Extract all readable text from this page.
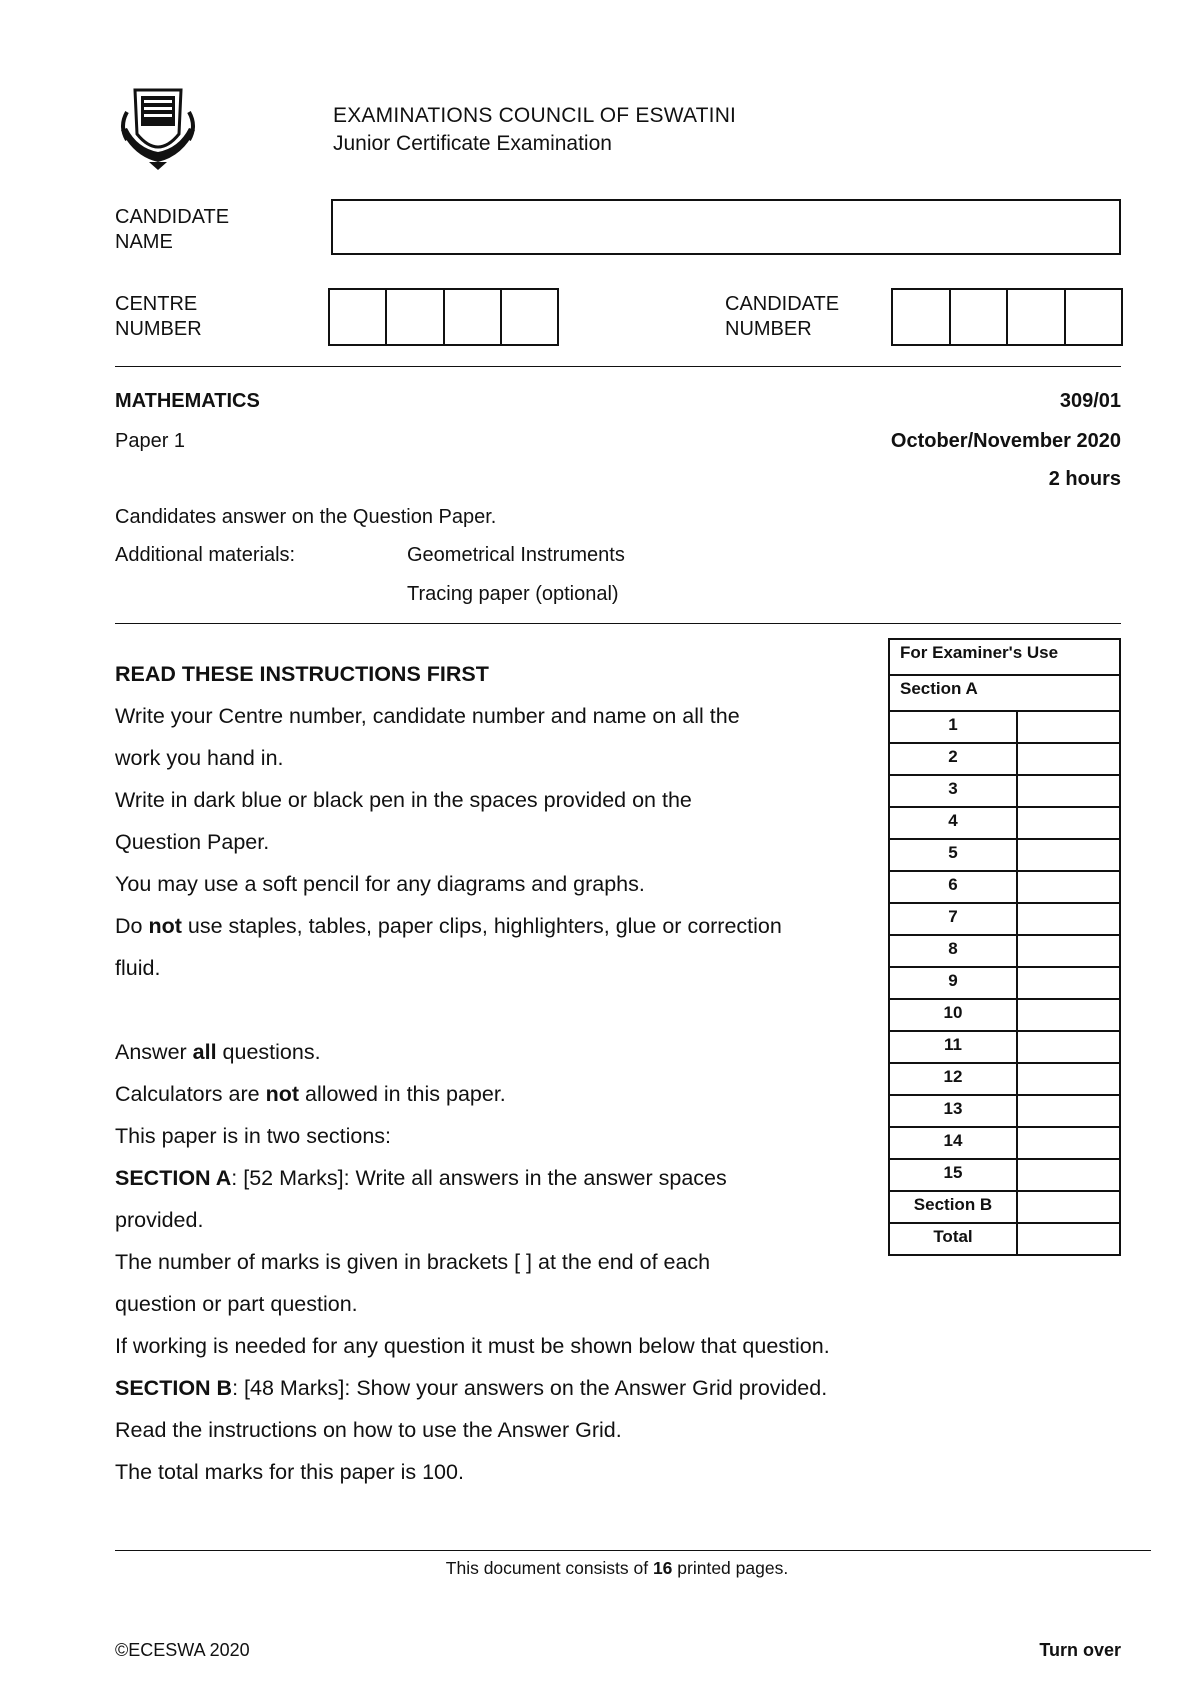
EXAMINATIONS COUNCIL OF ESWATINI
Junior Certificate Examination
CANDIDATE
NAME
CENTRE
NUMBER
CANDIDATE
NUMBER
MATHEMATICS	309/01
Paper 1	October/November 2020
2 hours
Candidates answer on the Question Paper.
Additional materials:	Geometrical Instruments
Tracing paper (optional)

READ THESE INSTRUCTIONS FIRST

Write your Centre number, candidate number and name on all the

work you hand in.

Write in dark blue or black pen in the spaces provided on the

Question Paper.

You may use a soft pencil for any diagrams and graphs.

Do not use staples, tables, paper clips, highlighters, glue or correction

fluid.

Answer all questions.

Calculators are not allowed in this paper.

This paper is in two sections:

SECTION A: [52 Marks]: Write all answers in the answer spaces

provided.

The number of marks is given in brackets [ ] at the end of each

question or part question.

If working is needed for any question it must be shown below that question.

SECTION B: [48 Marks]: Show your answers on the Answer Grid provided.

Read the instructions on how to use the Answer Grid.

The total marks for this paper is 100.

For Examiner's Use	
Section A	
1	
2	
3	
4	
5	
6	
7	
8	
9	
10	
11	
12	
13	
14	
15	
Section B	
Total	
This document consists of 16 printed pages.
©ECESWA 2020	Turn over
